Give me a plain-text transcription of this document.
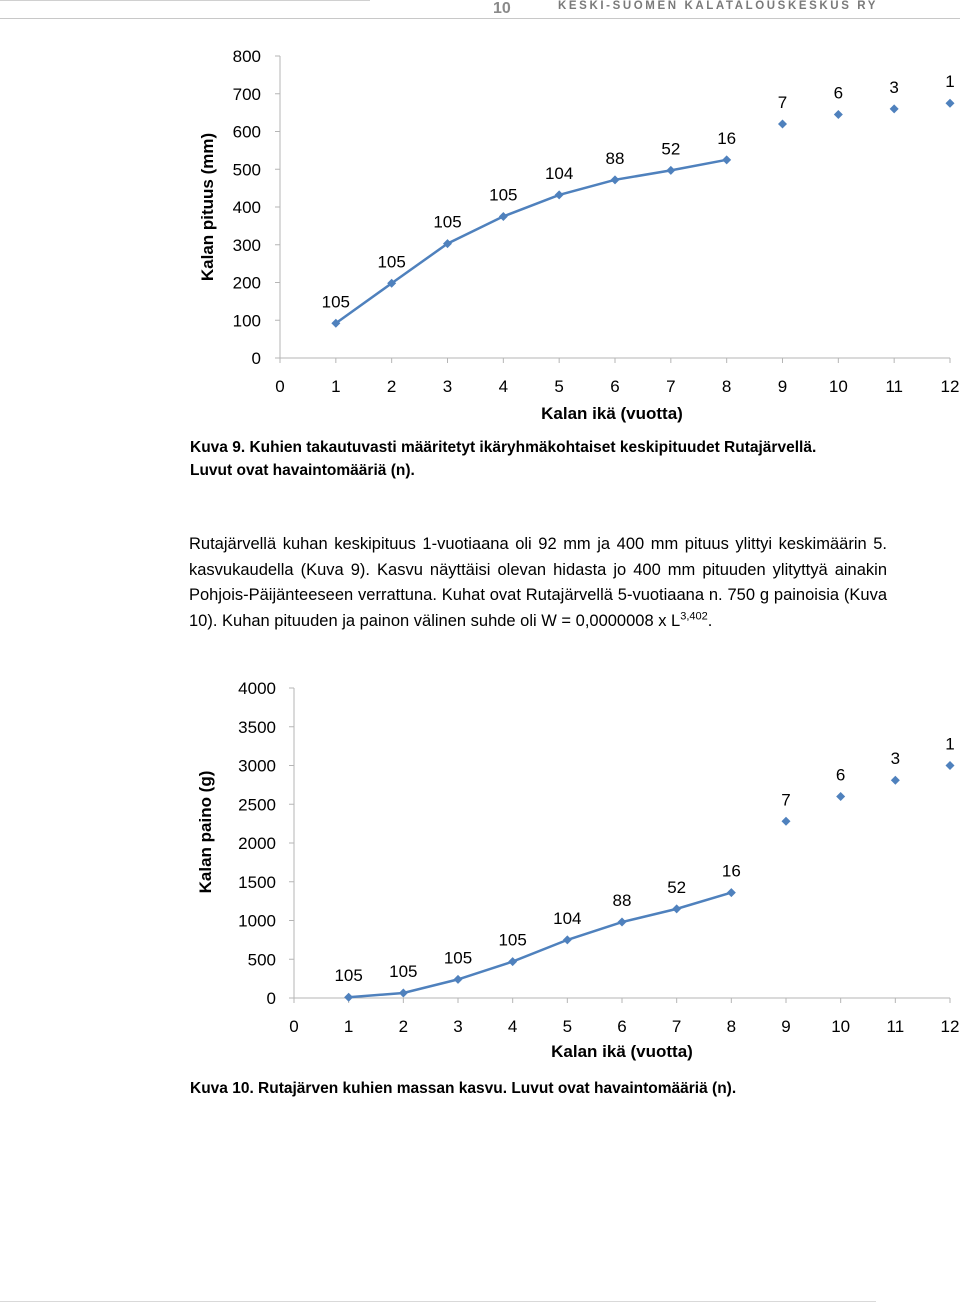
10	KESKI-SUOMEN KALATALOUSKESKUS RY
0
100
200
300
400
500
600
700
800
0	1	2	3	4	5	6	7	8	9 10 11 12
Kalan ikä (vuotta)
Kalan pituus (mm)
105
105
105
105
104
88 52
16
7	6	3	1
Kuva 9. Kuhien takautuvasti määritetyt ikäryhmäkohtaiset keskipituudet Rutajärvellä.
Luvut ovat havaintomääriä (n).

Rutajärvellä kuhan keskipituus 1-vuotiaana oli 92 mm ja 400 mm pituus ylittyi keskimäärin 5. kasvukaudella (Kuva 9). Kasvu näyttäisi olevan hidasta jo 400 mm pituuden ylityttyä ainakin Pohjois-Päijänteeseen verrattuna. Kuhat ovat Rutajärvellä 5-vuotiaana n. 750 g painoisia (Kuva 10). Kuhan pituuden ja painon välinen suhde oli W = 0,0000008 x L$^{3,402}$.

0
500
1000
1500
2000
2500
3000
3500
4000
0	1	2	3	4	5	6	7	8	9 10 11 12
Kalan ikä (vuotta)
Kalan paino (g)
105 105
105
105
104
88
52
16
7
6
3
1
Kuva 10. Rutajärven kuhien massan kasvu. Luvut ovat havaintomääriä (n).
